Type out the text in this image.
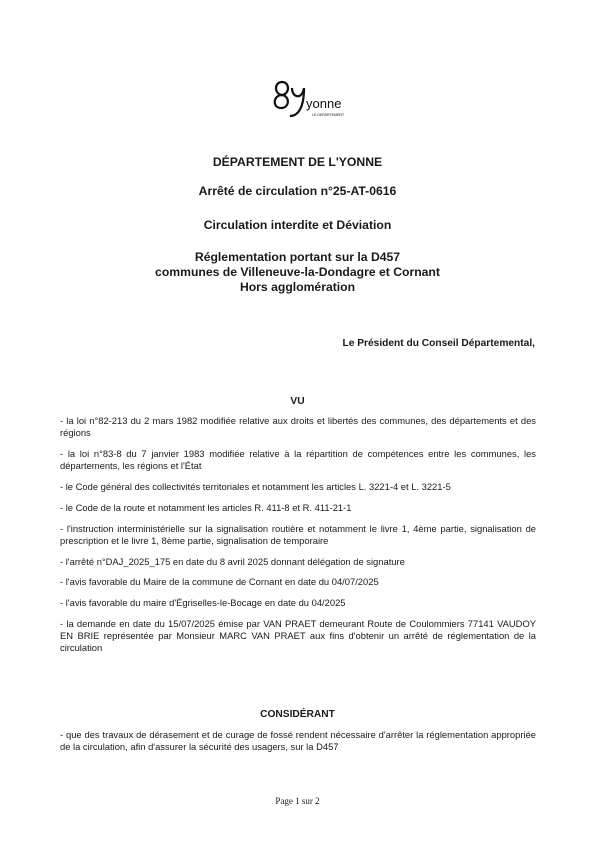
yonne
LE DEPARTEMENT
DÉPARTEMENT DE L'YONNE
Arrêté de circulation n°25-AT-0616
Circulation interdite et Déviation
Réglementation portant sur la D457
communes de Villeneuve-la-Dondagre et Cornant
Hors agglomération
Le Président du Conseil Départemental,
VU

- la loi n°82-213 du 2 mars 1982 modifiée relative aux droits et libertés des communes, des départements et des régions

- la loi n°83-8 du 7 janvier 1983 modifiée relative à la répartition de compétences entre les communes, les départements, les régions et l'État

- le Code général des collectivités territoriales et notamment les articles L. 3221-4 et L. 3221-5

- le Code de la route et notamment les articles R. 411-8 et R. 411-21-1

- l'instruction interministérielle sur la signalisation routière et notamment le livre 1, 4ème partie, signalisation de prescription et le livre 1, 8ème partie, signalisation de temporaire

- l'arrêté n°DAJ_2025_175 en date du 8 avril 2025 donnant délégation de signature

- l'avis favorable du Maire de la commune de Cornant en date du 04/07/2025

- l'avis favorable du maire d'Égriselles-le-Bocage en date du 04/2025

- la demande en date du 15/07/2025 émise par VAN PRAET demeurant Route de Coulommiers 77141 VAUDOY EN BRIE représentée par Monsieur MARC VAN PRAET aux fins d'obtenir un arrêté de réglementation de la circulation

CONSIDÉRANT

- que des travaux de dérasement et de curage de fossé rendent nécessaire d'arrêter la réglementation appropriée de la circulation, afin d'assurer la sécurité des usagers, sur la D457

Page 1 sur 2
